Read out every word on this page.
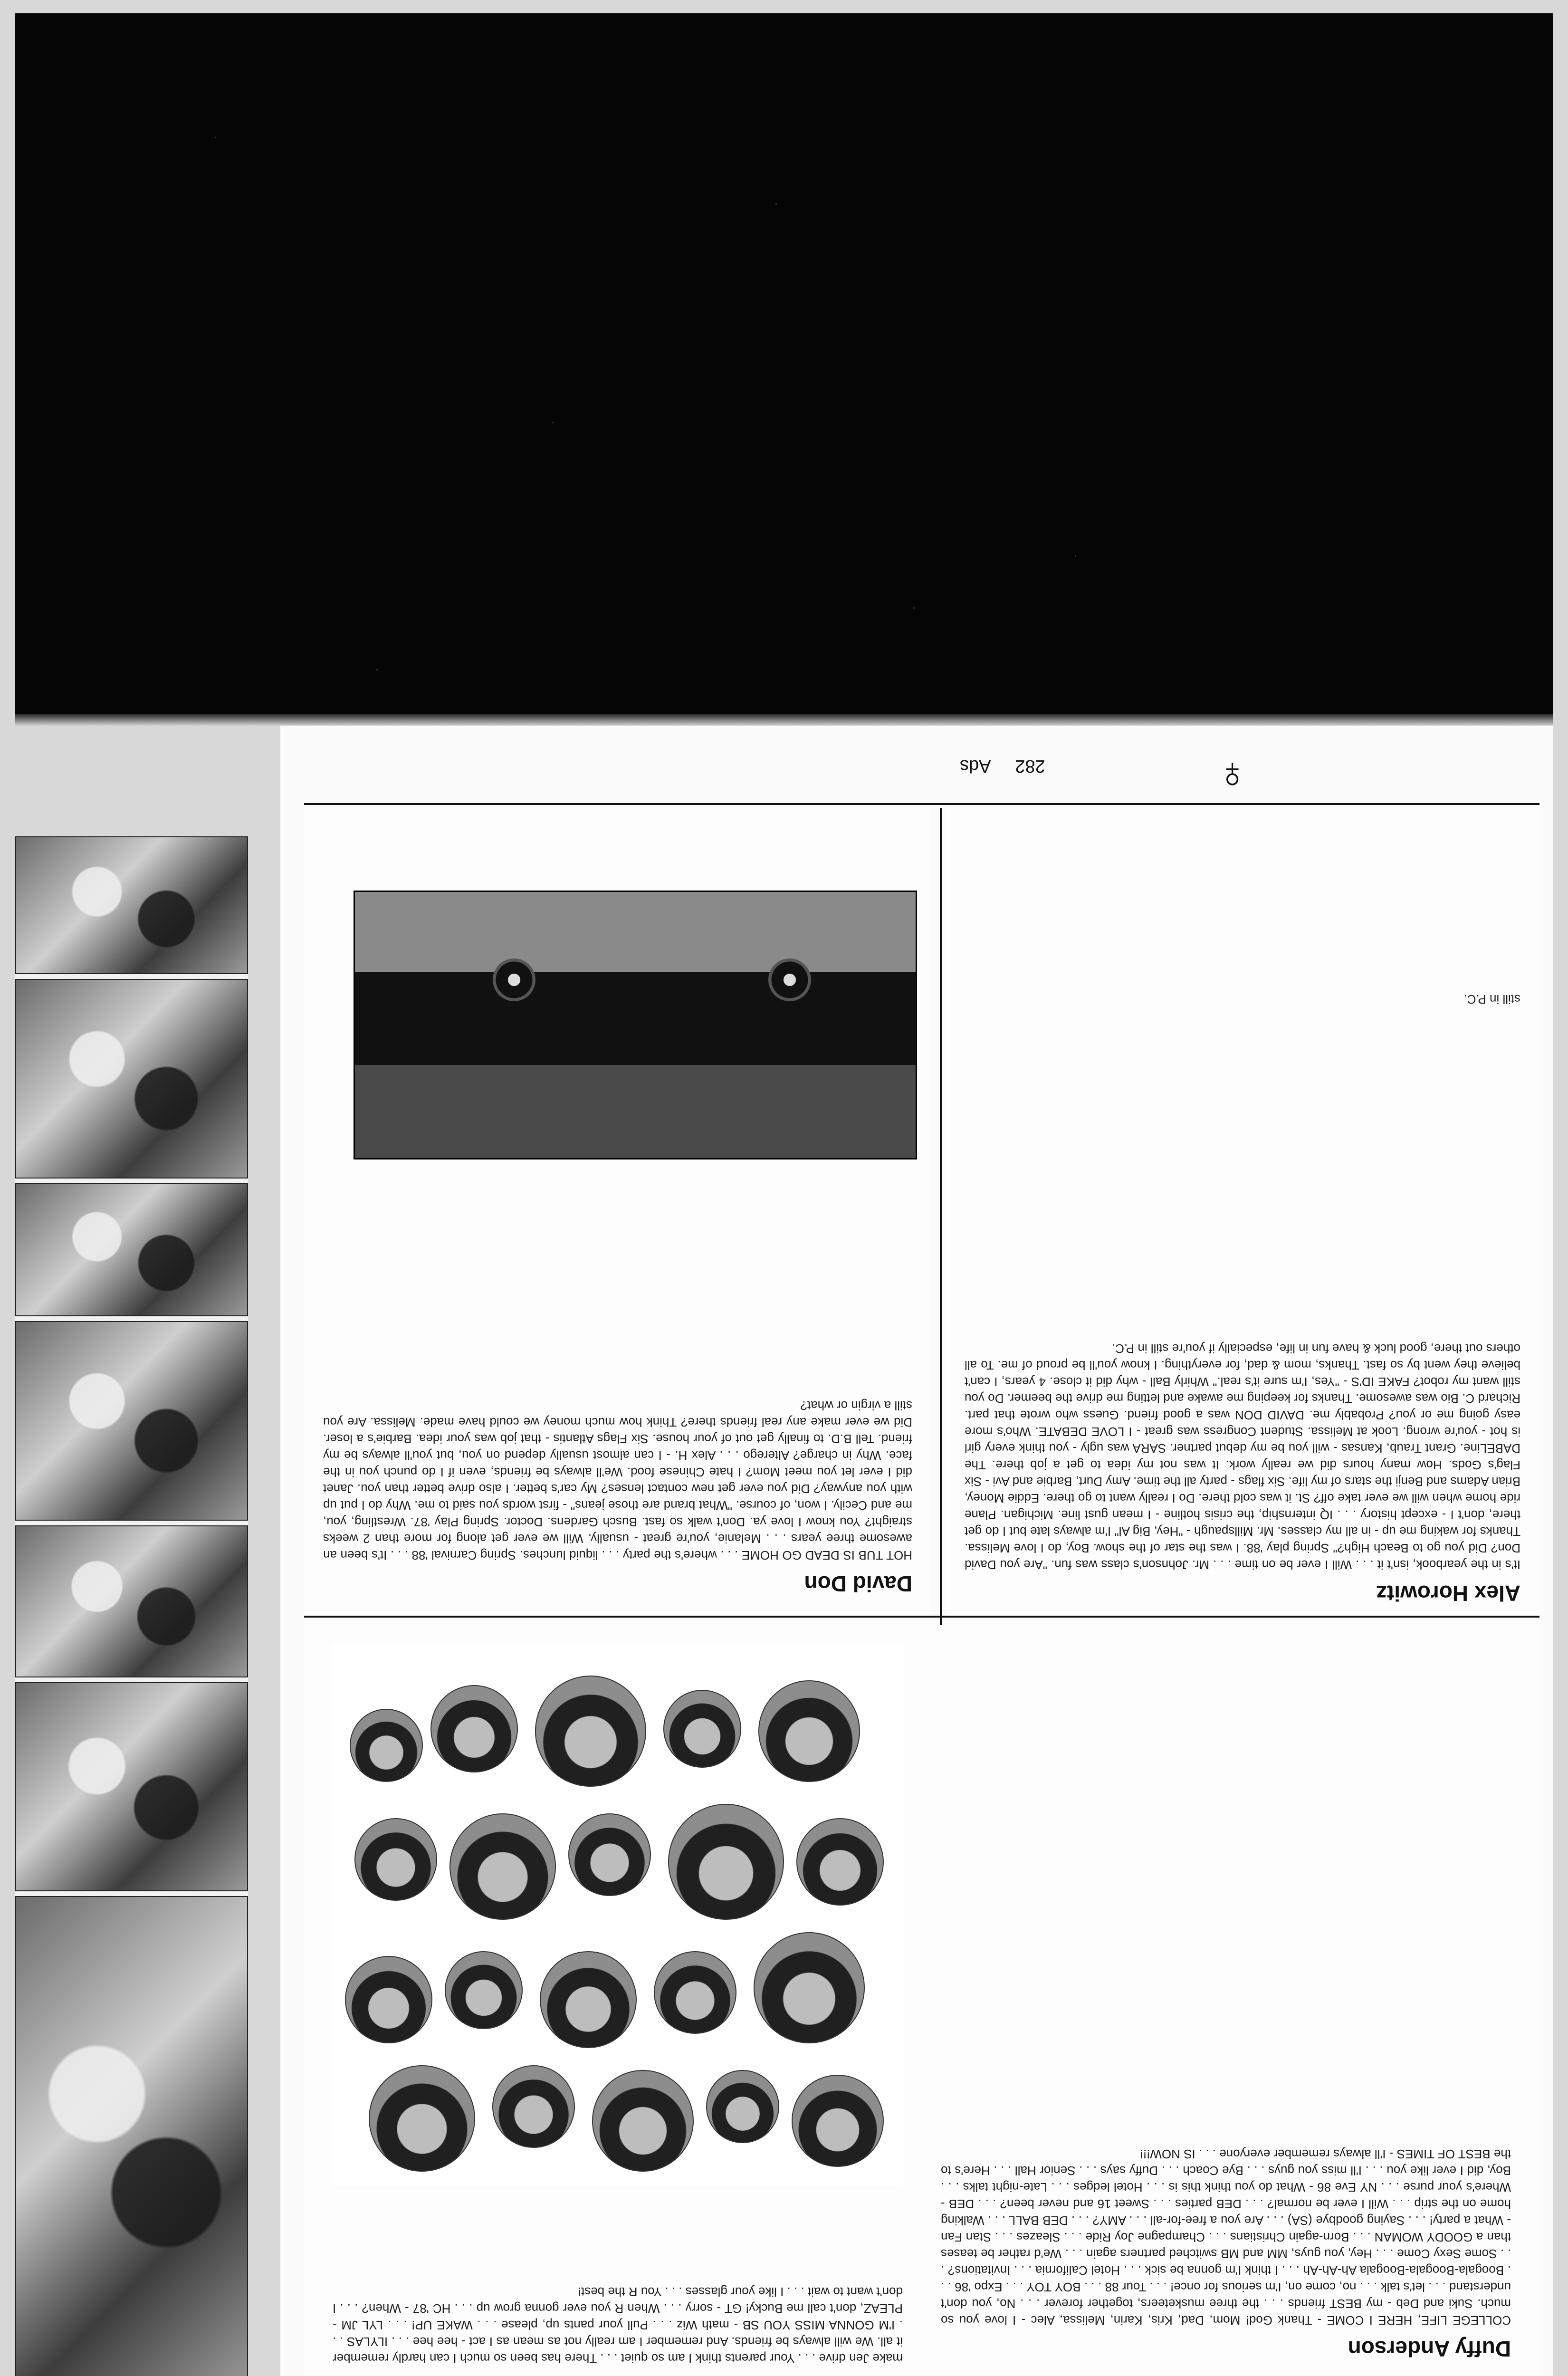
282     Ads	♀
Alex Horowitz

It's in the yearbook, isn't it . . . Will I ever be on time . . . Mr. Johnson's class was fun. "Are you David Don? Did you go to Beach High?" Spring play '88. I was the star of the show. Boy, do I love Melissa. Thanks for waking me up - in all my classes. Mr. Millspaugh - "Hey, Big Al" I'm always late but I do get there, don't I - except history . . . IQ internship, the crisis hotline - I mean gust line. Michigan. Plane ride home when will we ever take off? St. it was cold there. Do I really want to go there. Eddie Money, Brian Adams and Benji the stars of my life. Six flags - party all the time. Amy Durt, Barbie and Avi - Six Flag's Gods. How many hours did we really work. It was not my idea to get a job there. The DABELine. Grant Traub, Kansas - will you be my debut partner. SARA was ugly - you think every girl is hot - you're wrong. Look at Melissa. Student Congress was great - I LOVE DEBATE. Who's more easy going me or you? Probably me. DAVID DON was a good friend. Guess who wrote that part. Richard C. Bio was awesome. Thanks for keeping me awake and letting me drive the beemer. Do you still want my robot? FAKE ID'S - "Yes, I'm sure it's real." Whirly Ball - why did it close. 4 years, I can't believe they went by so fast. Thanks, mom & dad, for everything. I know you'll be proud of me. To all others out there, good luck & have fun in life, especially if you're still in P.C.

still in P.C.

David Don

HOT TUB IS DEAD GO HOME . . . where's the party . . . liquid lunches. Spring Carnival '88 . . . It's been an awesome three years . . . Melanie, you're great - usually. Will we ever get along for more than 2 weeks straight? You know I love ya. Don't walk so fast. Busch Gardens. Doctor. Spring Play '87. Wrestling, you, me and Cecily. I won, of course. "What brand are those jeans" - first words you said to me. Why do I put up with you anyway? Did you ever get new contact lenses? My car's better. I also drive better than you. Janet did I ever let you meet Mom? I hate Chinese food. We'll always be friends, even if I do punch you in the face. Why in charge? Alterego . . . Alex H. - I can almost usually depend on you, but you'll always be my friend. Tell B.D. to finally get out of your house. Six Flags Atlantis - that job was your idea. Barbie's a loser. Did we ever make any real friends there? Think how much money we could have made. Melissa. Are you still a virgin or what?

Duffy Anderson

COLLEGE LIFE, HERE I COME - Thank God! Mom, Dad, Kris, Karin, Melissa, Alec - I love you so much. Suki and Deb - my BEST friends . . . the three musketeers, together forever . . . No, you don't understand . . . let's talk . . . no, come on, I'm serious for once! . . . Tour 88 . . . BOY TOY . . . Expo '86 . . . Boogala-Boogala-Boogala Ah-Ah-Ah . . . I think I'm gonna be sick . . . Hotel California . . . Invitations? . . . Some Sexy Come . . . Hey, you guys, MM and MB switched partners again . . . We'd rather be teases than a GOODY WOMAN . . . Born-again Christians . . . Champagne Joy Ride . . . Sleazes . . . Stan Fan - What a party! . . . Saying goodbye (SA) . . . Are you a free-for-all . . . AMY? . . . DEB BALL . . . Walking home on the strip . . . Will I ever be normal? . . . DEB parties . . . Sweet 16 and never been? . . . DEB - Where's your purse . . . NY Eve 86 - What do you think this is . . . Hotel ledges . . . Late-night talks . . . Boy, did I ever like you . . . I'll miss you guys . . . Bye Coach . . . Duffy says . . . Senior Hall . . . Here's to the BEST OF TIMES - I'll always remember everyone . . . IS NOW!!!

make Jen drive . . . Your parents think I am so quiet . . . There has been so much I can hardly remember it all. We will always be friends. And remember I am really not as mean as I act - hee hee . . . ILYLAS . . . I'M GONNA MISS YOU SB - math Wiz . . . Pull your pants up, please . . . WAKE UP! . . . LYL JM - PLEAZ, don't call me Bucky! GT - sorry . . . When R you ever gonna grow up . . . HC '87 - When? . . . I don't want to wait . . . I like your glasses . . . You R the best!
